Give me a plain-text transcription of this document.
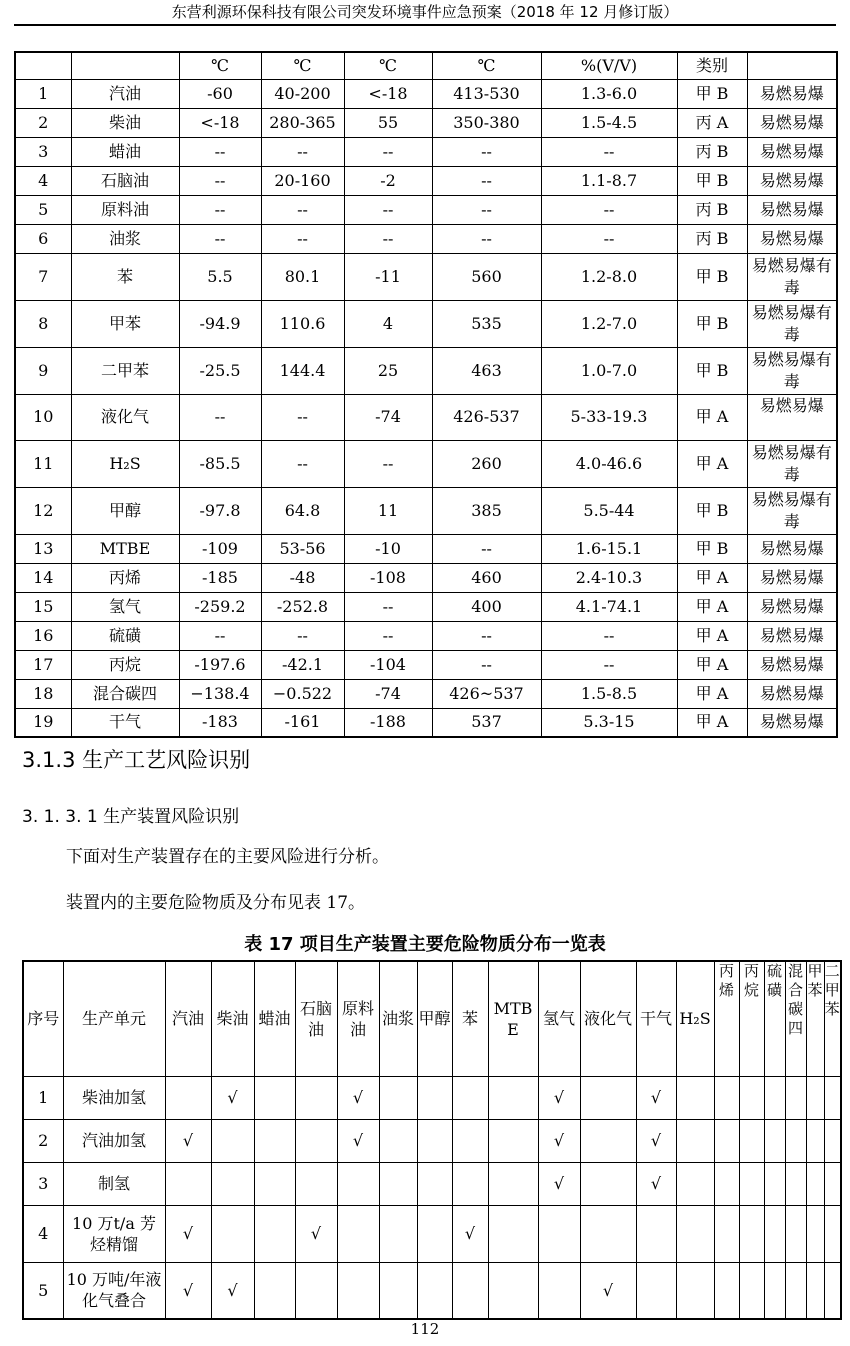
东营利源环保科技有限公司突发环境事件应急预案（2018 年 12 月修订版）
		℃	℃	℃	℃	%(V/V)	类别	
1	汽油	-60	40-200	<-18	413-530	1.3-6.0	甲 B	易燃易爆
2	柴油	<-18	280-365	55	350-380	1.5-4.5	丙 A	易燃易爆
3	蜡油	--	--	--	--	--	丙 B	易燃易爆
4	石脑油	--	20-160	-2	--	1.1-8.7	甲 B	易燃易爆
5	原料油	--	--	--	--	--	丙 B	易燃易爆
6	油浆	--	--	--	--	--	丙 B	易燃易爆
7	苯	5.5	80.1	-11	560	1.2-8.0	甲 B	易燃易爆有毒
8	甲苯	-94.9	110.6	4	535	1.2-7.0	甲 B	易燃易爆有毒
9	二甲苯	-25.5	144.4	25	463	1.0-7.0	甲 B	易燃易爆有毒
10	液化气	--	--	-74	426-537	5-33-19.3	甲 A	易燃易爆
11	H₂S	-85.5	--	--	260	4.0-46.6	甲 A	易燃易爆有毒
12	甲醇	-97.8	64.8	11	385	5.5-44	甲 B	易燃易爆有毒
13	MTBE	-109	53-56	-10	--	1.6-15.1	甲 B	易燃易爆
14	丙烯	-185	-48	-108	460	2.4-10.3	甲 A	易燃易爆
15	氢气	-259.2	-252.8	--	400	4.1-74.1	甲 A	易燃易爆
16	硫磺	--	--	--	--	--	甲 A	易燃易爆
17	丙烷	-197.6	-42.1	-104	--	--	甲 A	易燃易爆
18	混合碳四	−138.4	−0.522	-74	426~537	1.5-8.5	甲 A	易燃易爆
19	干气	-183	-161	-188	537	5.3-15	甲 A	易燃易爆
3.1.3 生产工艺风险识别
3. 1. 3. 1 生产装置风险识别
下面对生产装置存在的主要风险进行分析。
装置内的主要危险物质及分布见表 17。
表 17 项目生产装置主要危险物质分布一览表
序号	生产单元	汽油	柴油	蜡油	石脑油	原料油	油浆	甲醇	苯	MTBE	氢气	液化气	干气	H₂S	丙烯	丙烷	硫磺	混合碳四	甲苯	二甲苯
1	柴油加氢		√			√					√		√							
2	汽油加氢	√				√					√		√							
3	制氢										√		√							
4	10 万t/a 芳烃精馏	√			√				√											
5	10 万吨/年液化气叠合	√	√									√								
112
